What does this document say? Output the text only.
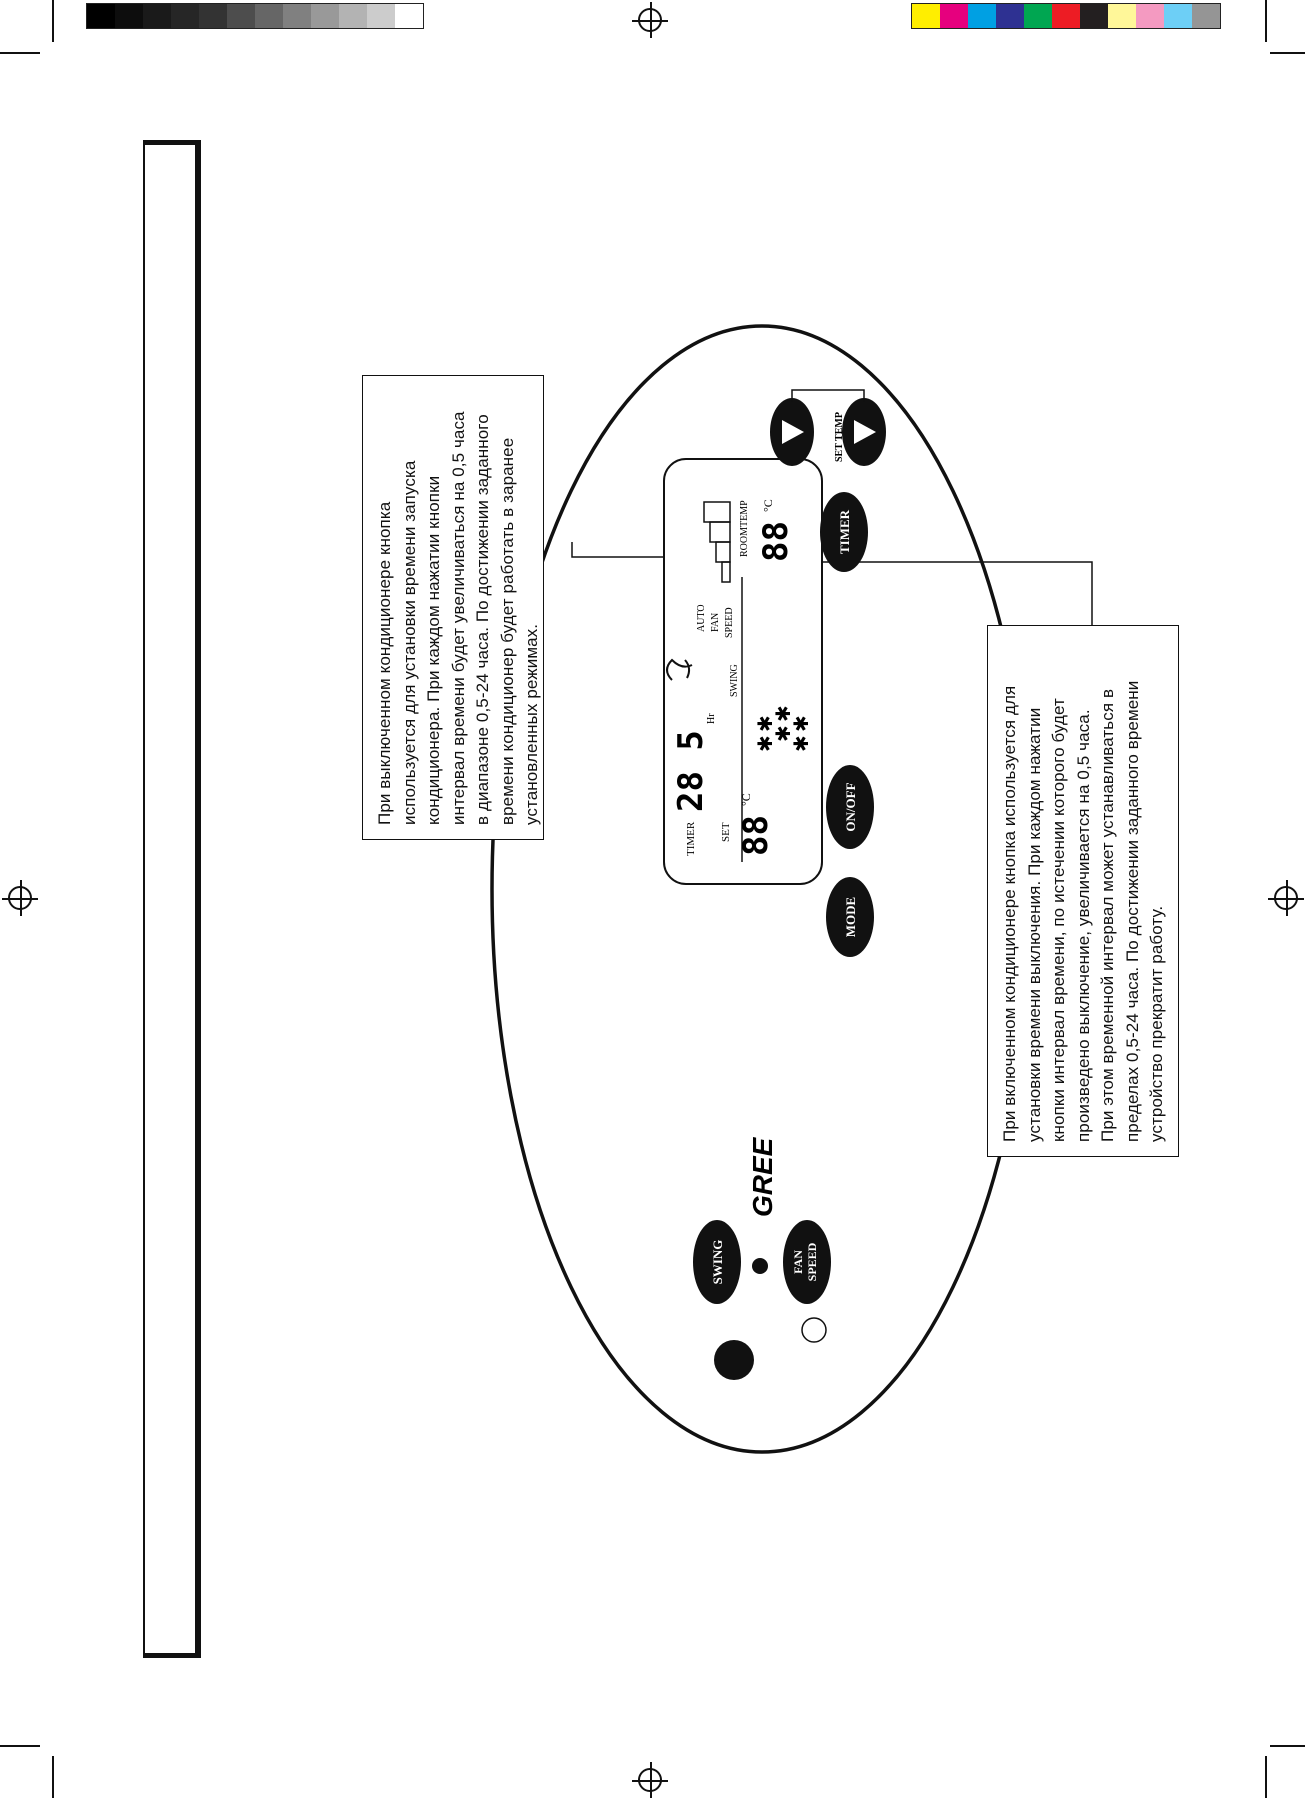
TIMER
28 5
Hr
SET 88
°C
✱
✱
✱
✱
✱
✱
SWING
AUTO FAN SPEED
ROOMTEMP 88
°C
SWING	FAN SPEED
MODE
ON/OFF
TIMER
SET TEMP
GREE

При выключенном кондиционере кнопка используется для установки времени запуска кондиционера. При каждом нажатии кнопки интервал времени будет увеличиваться на 0,5 часа в диапазоне 0,5-24 часа. По достижении заданного времени кондиционер будет работать в заранее установленных режимах.	При включенном кондиционере кнопка используется для установки времени выключения. При каждом нажатии кнопки интервал времени, по истечении которого будет произведено выключение, увеличивается на 0,5 часа. При этом временной интервал может устанавливаться в пределах 0,5-24 часа. По достижении заданного времени устройство прекратит работу.
